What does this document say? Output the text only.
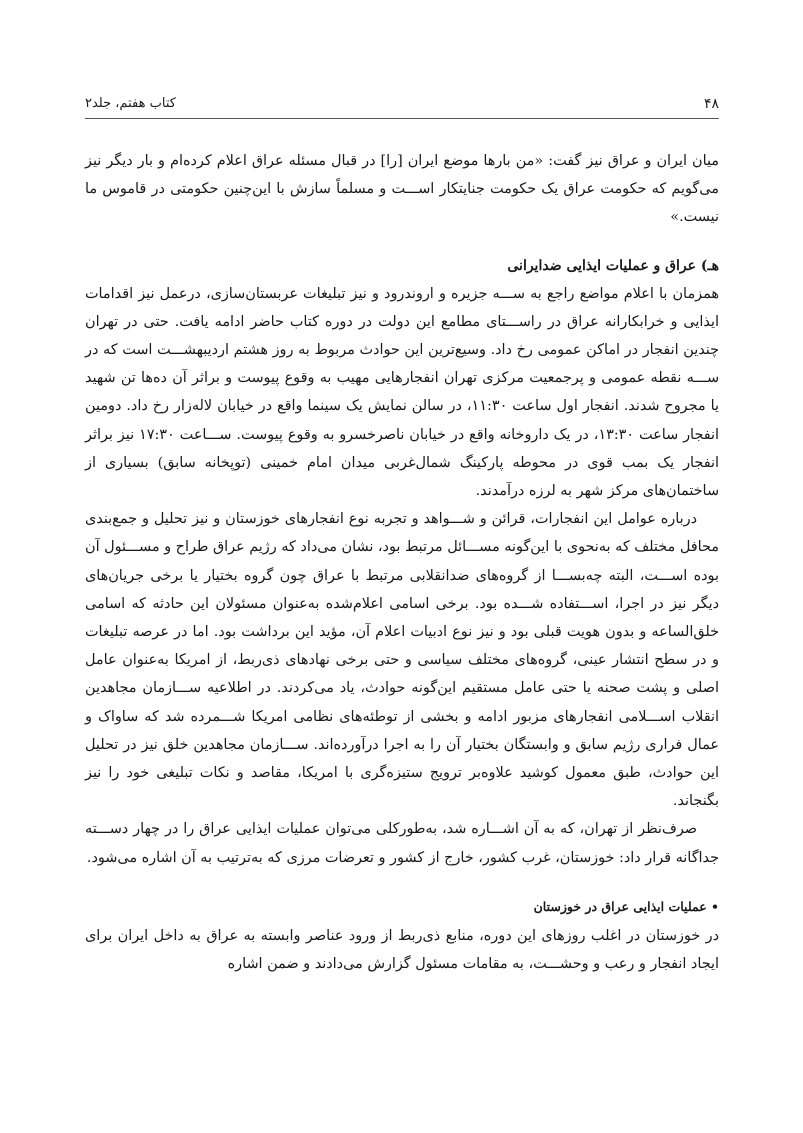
۴۸
کتاب هفتم، جلد۲

میان ایران و عراق نیز گفت: «من بارها موضع ایران [را] در قبال مسئله عراق اعلام کرده‌ام و بار دیگر نیز می‌گویم که حکومت عراق یک حکومت جنایتکار اســـت و مسلماً سازش با این‌چنین حکومتی در قاموس ما نیست.»

هـ) عراق و عملیات ایذایی ضدایرانی

همزمان با اعلام مواضع راجع به ســـه جزیره و اروندرود و نیز تبلیغات عربستان‌سازی، درعمل نیز اقدامات ایذایی و خرابکارانه عراق در راســـتای مطامع این دولت در دوره کتاب حاضر ادامه یافت. حتی در تهران چندین انفجار در اماکن عمومی رخ داد. وسیع‌ترین این حوادث مربوط به روز هشتم اردیبهشـــت است که در ســـه نقطه عمومی و پرجمعیت مرکزی تهران انفجارهایی مهیب به وقوع پیوست و براثر آن ده‌ها تن شهید یا مجروح شدند. انفجار اول ساعت ۱۱:۳۰، در سالن نمایش یک سینما واقع در خیابان لاله‌زار رخ داد. دومین انفجار ساعت ۱۳:۳۰، در یک داروخانه واقع در خیابان ناصرخسرو به وقوع پیوست. ســـاعت ۱۷:۳۰ نیز براثر انفجار یک بمب قوی در محوطه پارکینگ شمال‌غربی میدان امام خمینی (توپخانه سابق) بسیاری از ساختمان‌های مرکز شهر به لرزه درآمدند.

درباره عوامل این انفجارات، قرائن و شـــواهد و تجربه نوع انفجارهای خوزستان و نیز تحلیل و جمع‌بندی محافل مختلف که به‌نحوی با این‌گونه مســـائل مرتبط بود، نشان می‌داد که رژیم عراق طراح و مســـئول آن بوده اســـت، البته چه‌بســـا از گروه‌های ضدانقلابی مرتبط با عراق چون گروه بختیار یا برخی جریان‌های دیگر نیز در اجرا، اســـتفاده شـــده بود. برخی اسامی اعلام‌شده به‌عنوان مسئولان این حادثه که اسامی خلق‌الساعه و بدون هویت قبلی بود و نیز نوع ادبیات اعلام آن، مؤید این برداشت بود. اما در عرصه تبلیغات و در سطح انتشار عینی، گروه‌های مختلف سیاسی و حتی برخی نهادهای ذی‌ربط، از امریکا به‌عنوان عامل اصلی و پشت صحنه یا حتی عامل مستقیم این‌گونه حوادث، یاد می‌کردند. در اطلاعیه ســـازمان مجاهدین انقلاب اســـلامی انفجارهای مزبور ادامه و بخشی از توطئه‌های نظامی امریکا شـــمرده شد که ساواک و عمال فراری رژیم سابق و وابستگان بختیار آن را به اجرا درآورده‌اند. ســـازمان مجاهدین خلق نیز در تحلیل این حوادث، طبق معمول کوشید علاوه‌بر ترویج ستیزه‌گری با امریکا، مقاصد و نکات تبلیغی خود را نیز بگنجاند.

صرف‌نظر از تهران، که به آن اشـــاره شد، به‌طورکلی می‌توان عملیات ایذایی عراق را در چهار دســـته جداگانه قرار داد: خوزستان، غرب کشور، خارج از کشور و تعرضات مرزی که به‌ترتیب به آن اشاره می‌شود.

• عملیات ایذایی عراق در خوزستان

در خوزستان در اغلب روزهای این دوره، منابع ذی‌ربط از ورود عناصر وابسته به عراق به داخل ایران برای ایجاد انفجار و رعب و وحشـــت، به مقامات مسئول گزارش می‌دادند و ضمن اشاره
